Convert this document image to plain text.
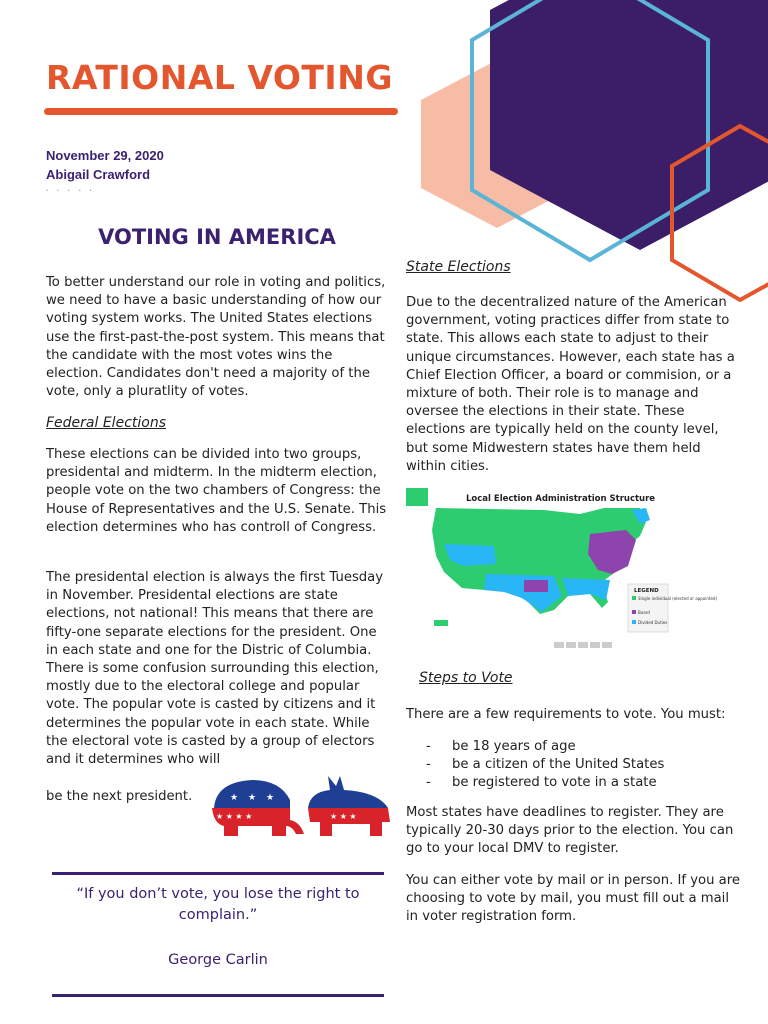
RATIONAL VOTING
November 29, 2020
Abigail Crawford
· · · · ·
VOTING IN AMERICA

To better understand our role in voting and politics, we need to have a basic understanding of how our voting system works. The United States elections use the first-past-the-post system. This means that the candidate with the most votes wins the election. Candidates don't need a majority of the vote, only a pluratlity of votes.

Federal Elections

These elections can be divided into two groups, presidental and midterm. In the midterm election, people vote on the two chambers of Congress: the House of Representatives and the U.S. Senate. This election determines who has controll of Congress.

The presidental election is always the first Tuesday in November. Presidental elections are state elections, not national! This means that there are fifty-one separate elections for the president. One in each state and one for the Distric of Columbia. There is some confusion surrounding this election, mostly due to the electoral college and popular vote. The popular vote is casted by citizens and it determines the popular vote in each state. While the electoral vote is casted by a group of electors and it determines who will

be the next president.

★ ★ ★ ★
★ ★ ★
★ ★ ★

“If you don’t vote, you lose the right to complain.”

George Carlin

State Elections

Due to the decentralized nature of the American government, voting practices differ from state to state. This allows each state to adjust to their unique circumstances. However, each state has a Chief Election Officer, a board or commision, or a mixture of both. Their role is to manage and oversee the elections in their state. These elections are typically held on the county level, but some Midwestern states have them held within cities.

Local Election Administration Structure
LEGEND
Single individual (elected or appointed)
Board
Divided Duties

Steps to Vote

There are a few requirements to vote. You must:

- be 18 years of age
- be a citizen of the United States
- be registered to vote in a state

Most states have deadlines to register. They are typically 20-30 days prior to the election. You can go to your local DMV to register.

You can either vote by mail or in person. If you are choosing to vote by mail, you must fill out a mail in voter registration form.
